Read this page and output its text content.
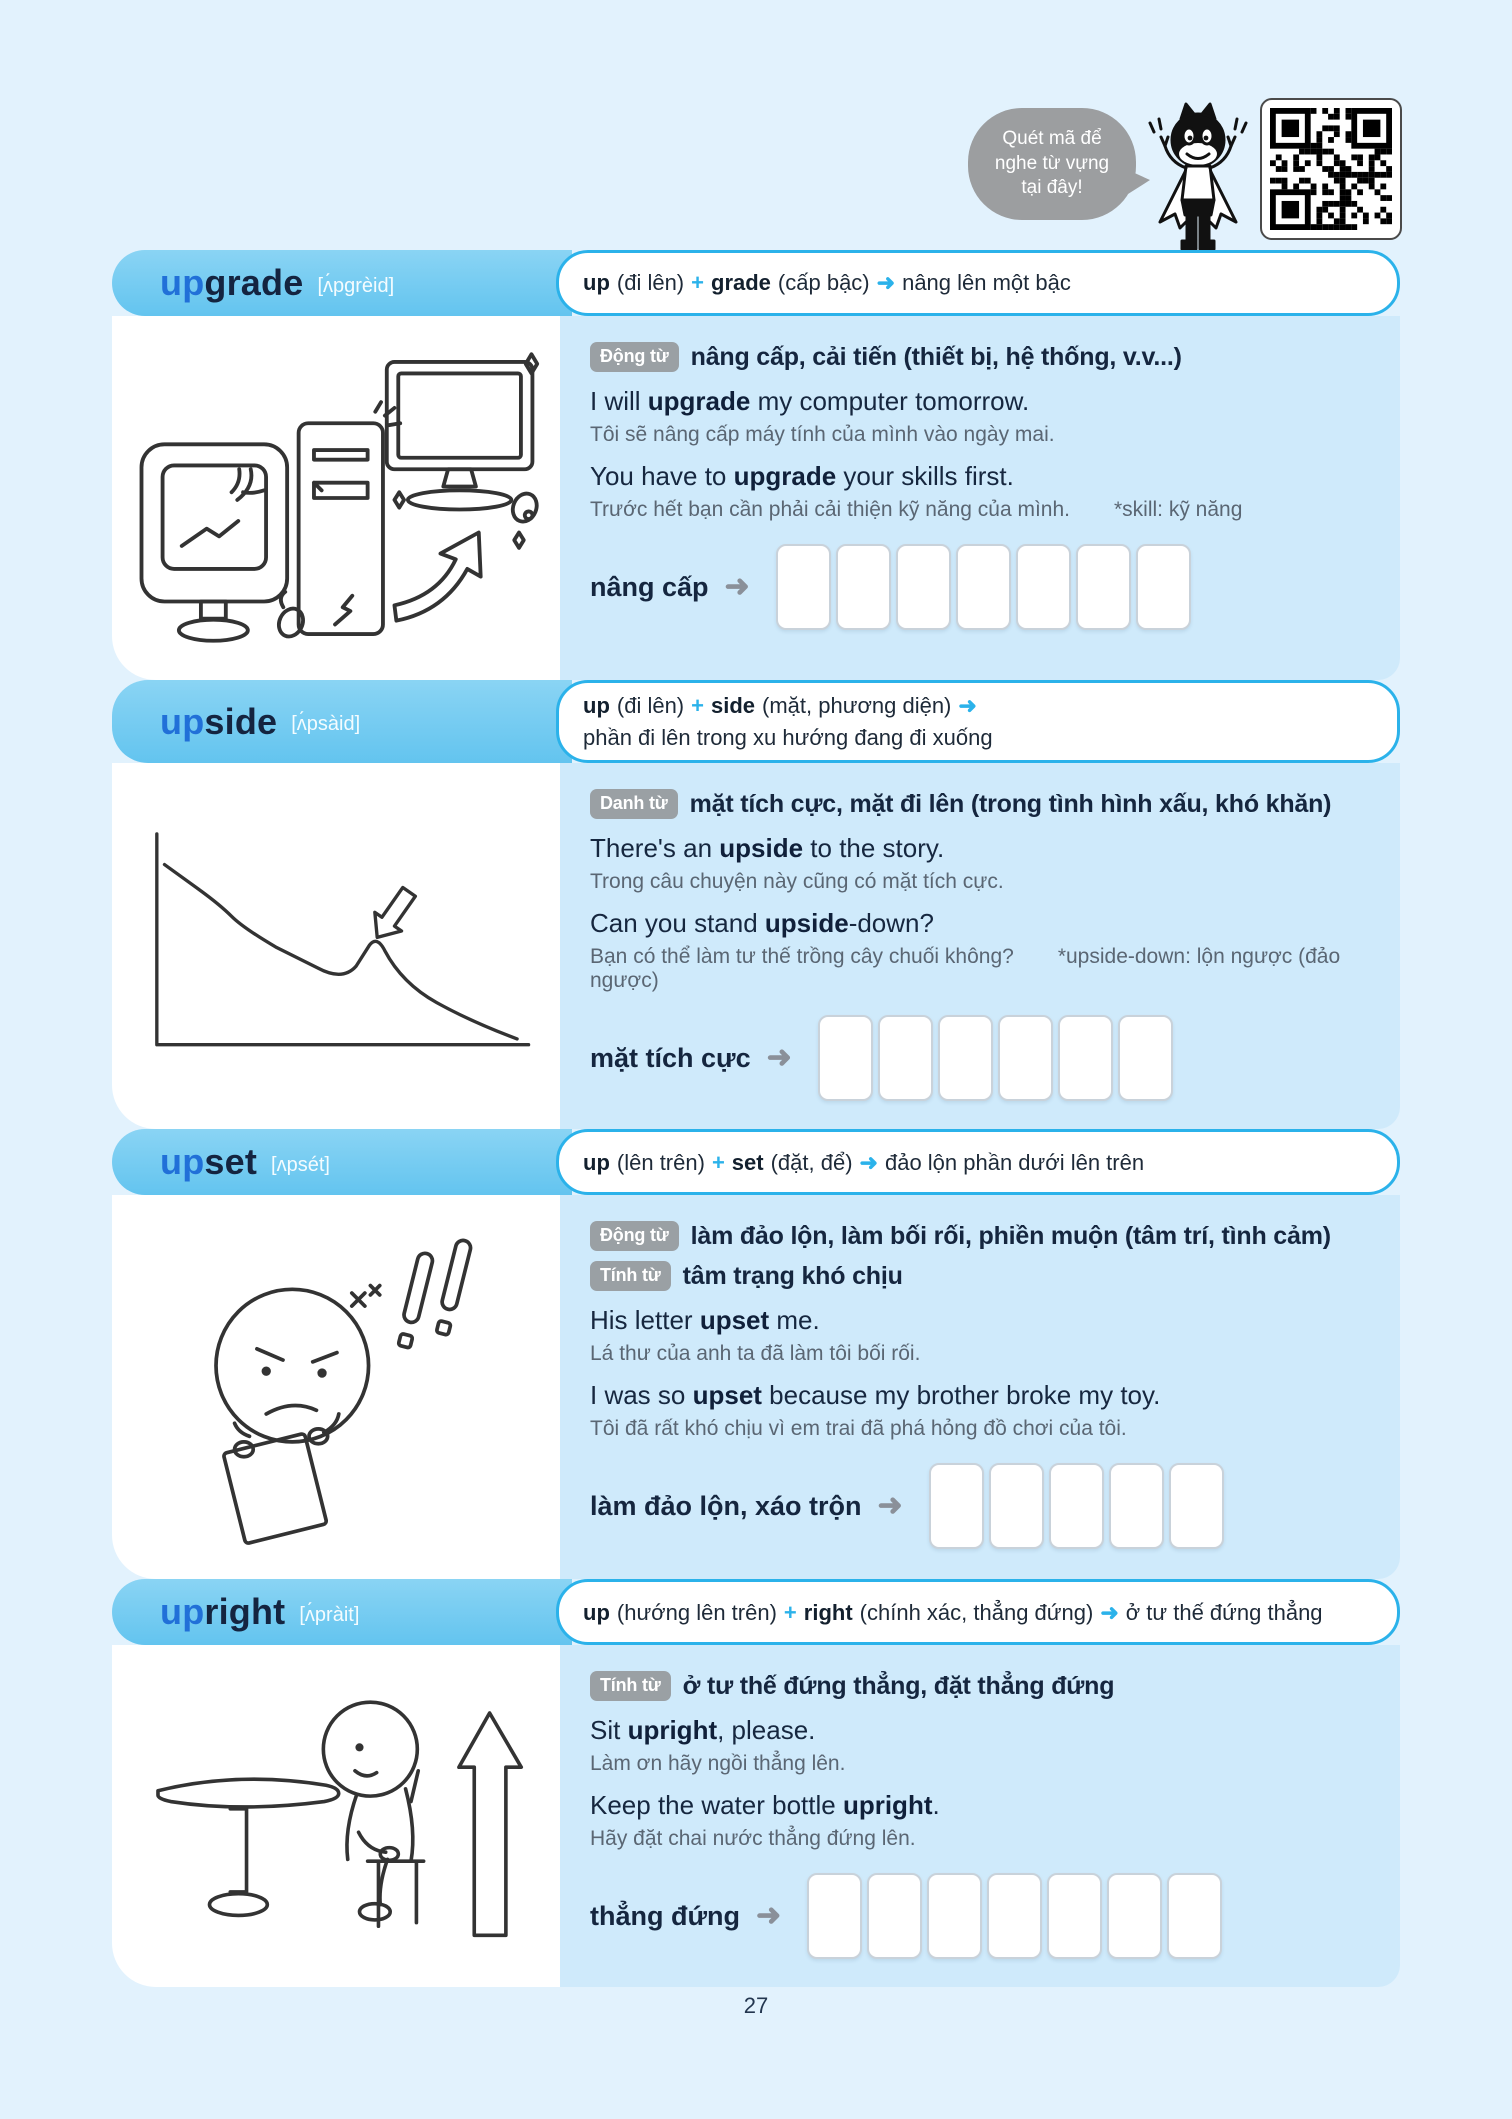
Quét mã để
nghe từ vựng
tại đây!
upgrade [ʌ́pgrèid]	up (đi lên) + grade (cấp bậc) ➜ nâng lên một bậc
Động từ nâng cấp, cải tiến (thiết bị, hệ thống, v.v...)

I will upgrade my computer tomorrow.

Tôi sẽ nâng cấp máy tính của mình vào ngày mai.

You have to upgrade your skills first.

Trước hết bạn cần phải cải thiện kỹ năng của mình. *skill: kỹ năng

nâng cấp ➜
upside [ʌ́psàid]
up (đi lên) + side (mặt, phương diện) ➜
phần đi lên trong xu hướng đang đi xuống
Danh từ mặt tích cực, mặt đi lên (trong tình hình xấu, khó khăn)

There's an upside to the story.

Trong câu chuyện này cũng có mặt tích cực.

Can you stand upside-down?

Bạn có thể làm tư thế trồng cây chuối không? *upside-down: lộn ngược (đảo ngược)

mặt tích cực ➜
upset [ʌpsét]	up (lên trên) + set (đặt, để) ➜ đảo lộn phần dưới lên trên
Động từ làm đảo lộn, làm bối rối, phiền muộn (tâm trí, tình cảm)
Tính từ tâm trạng khó chịu

His letter upset me.

Lá thư của anh ta đã làm tôi bối rối.

I was so upset because my brother broke my toy.

Tôi đã rất khó chịu vì em trai đã phá hỏng đồ chơi của tôi.

làm đảo lộn, xáo trộn ➜
upright [ʌ́pràit]	up (hướng lên trên) + right (chính xác, thẳng đứng) ➜ ở tư thế đứng thẳng
Tính từ ở tư thế đứng thẳng, đặt thẳng đứng

Sit upright, please.

Làm ơn hãy ngồi thẳng lên.

Keep the water bottle upright.

Hãy đặt chai nước thẳng đứng lên.

thẳng đứng ➜
27
